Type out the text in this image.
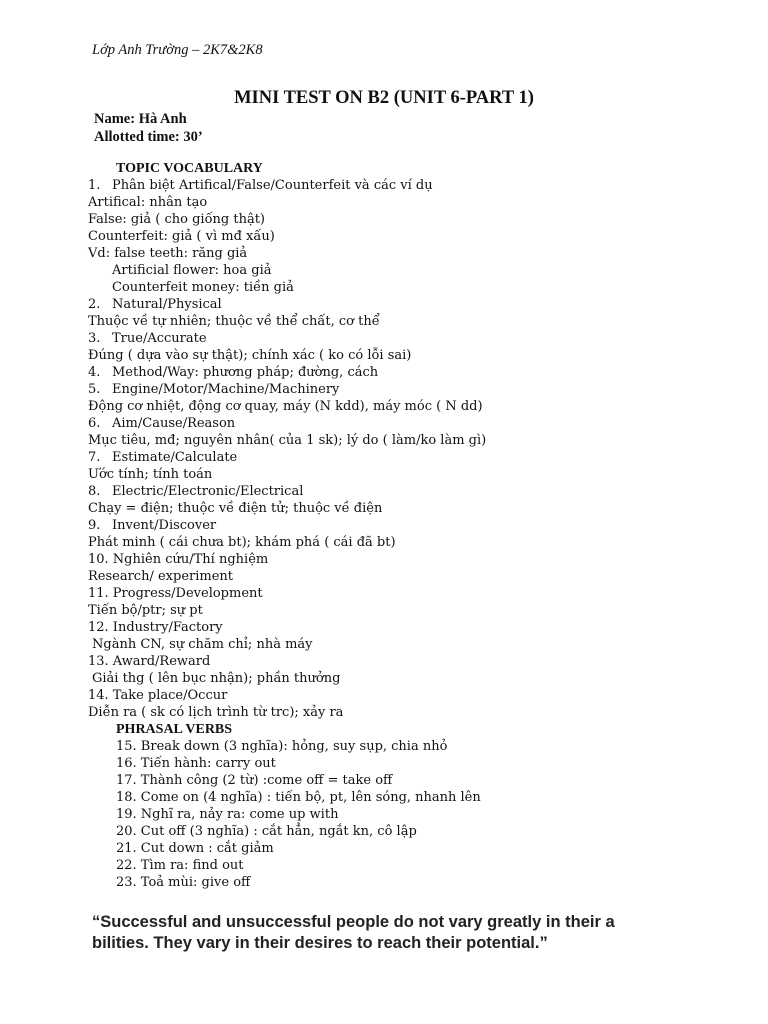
Lớp Anh Trường – 2K7&2K8
MINI TEST ON B2 (UNIT 6-PART 1)
Name: Hà Anh
Allotted time: 30’
TOPIC VOCABULARY
1. Phân biệt Artifical/False/Counterfeit và các ví dụ
Artifical: nhân tạo
False: giả ( cho giống thật)
Counterfeit: giả ( vì mđ xấu)
Vd: false teeth: răng giả
Artificial flower: hoa giả
Counterfeit money: tiền giả
2. Natural/Physical
Thuộc về tự nhiên; thuộc về thể chất, cơ thể
3. True/Accurate
Đúng ( dựa vào sự thật); chính xác ( ko có lỗi sai)
4. Method/Way: phương pháp; đường, cách
5. Engine/Motor/Machine/Machinery
Động cơ nhiệt, động cơ quay, máy (N kdd), máy móc ( N dd)
6. Aim/Cause/Reason
Mục tiêu, mđ; nguyên nhân( của 1 sk); lý do ( làm/ko làm gì)
7. Estimate/Calculate
Ước tính; tính toán
8. Electric/Electronic/Electrical
Chạy = điện; thuộc về điện tử; thuộc về điện
9. Invent/Discover
Phát minh ( cái chưa bt); khám phá ( cái đã bt)
10. Nghiên cứu/Thí nghiệm
Research/ experiment
11. Progress/Development
Tiến bộ/ptr; sự pt
12. Industry/Factory
Ngành CN, sự chăm chỉ; nhà máy
13. Award/Reward
Giải thg ( lên bục nhận); phần thưởng
14. Take place/Occur
Diễn ra ( sk có lịch trình từ trc); xảy ra
PHRASAL VERBS
15. Break down (3 nghĩa): hỏng, suy sụp, chia nhỏ
16. Tiến hành: carry out
17. Thành công (2 từ) :come off = take off
18. Come on (4 nghĩa) : tiến bộ, pt, lên sóng, nhanh lên
19. Nghĩ ra, nảy ra: come up with
20. Cut off (3 nghĩa) : cắt hẳn, ngắt kn, cô lập
21. Cut down : cắt giảm
22. Tìm ra: find out
23. Toả mùi: give off
“Successful and unsuccessful people do not vary greatly in their a
bilities. They vary in their desires to reach their potential.”
